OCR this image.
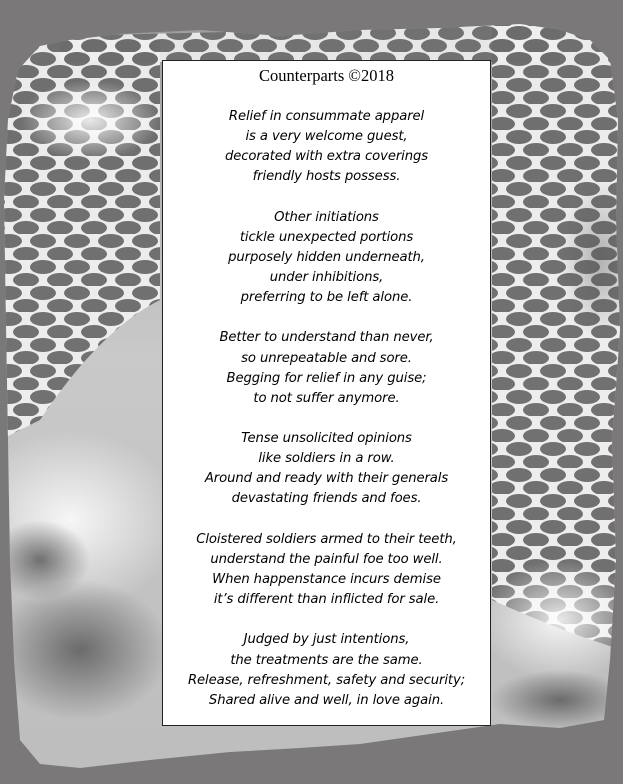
Counterparts ©2018

Relief in consummate apparel
is a very welcome guest,
decorated with extra coverings
friendly hosts possess.

Other initiations
tickle unexpected portions
purposely hidden underneath,
under inhibitions,
preferring to be left alone.

Better to understand than never,
so unrepeatable and sore.
Begging for relief in any guise;
to not suffer anymore.

Tense unsolicited opinions
like soldiers in a row.
Around and ready with their generals
devastating friends and foes.

Cloistered soldiers armed to their teeth,
understand the painful foe too well.
When happenstance incurs demise
it’s different than inflicted for sale.

Judged by just intentions,
the treatments are the same.
Release, refreshment, safety and security;
Shared alive and well, in love again.
